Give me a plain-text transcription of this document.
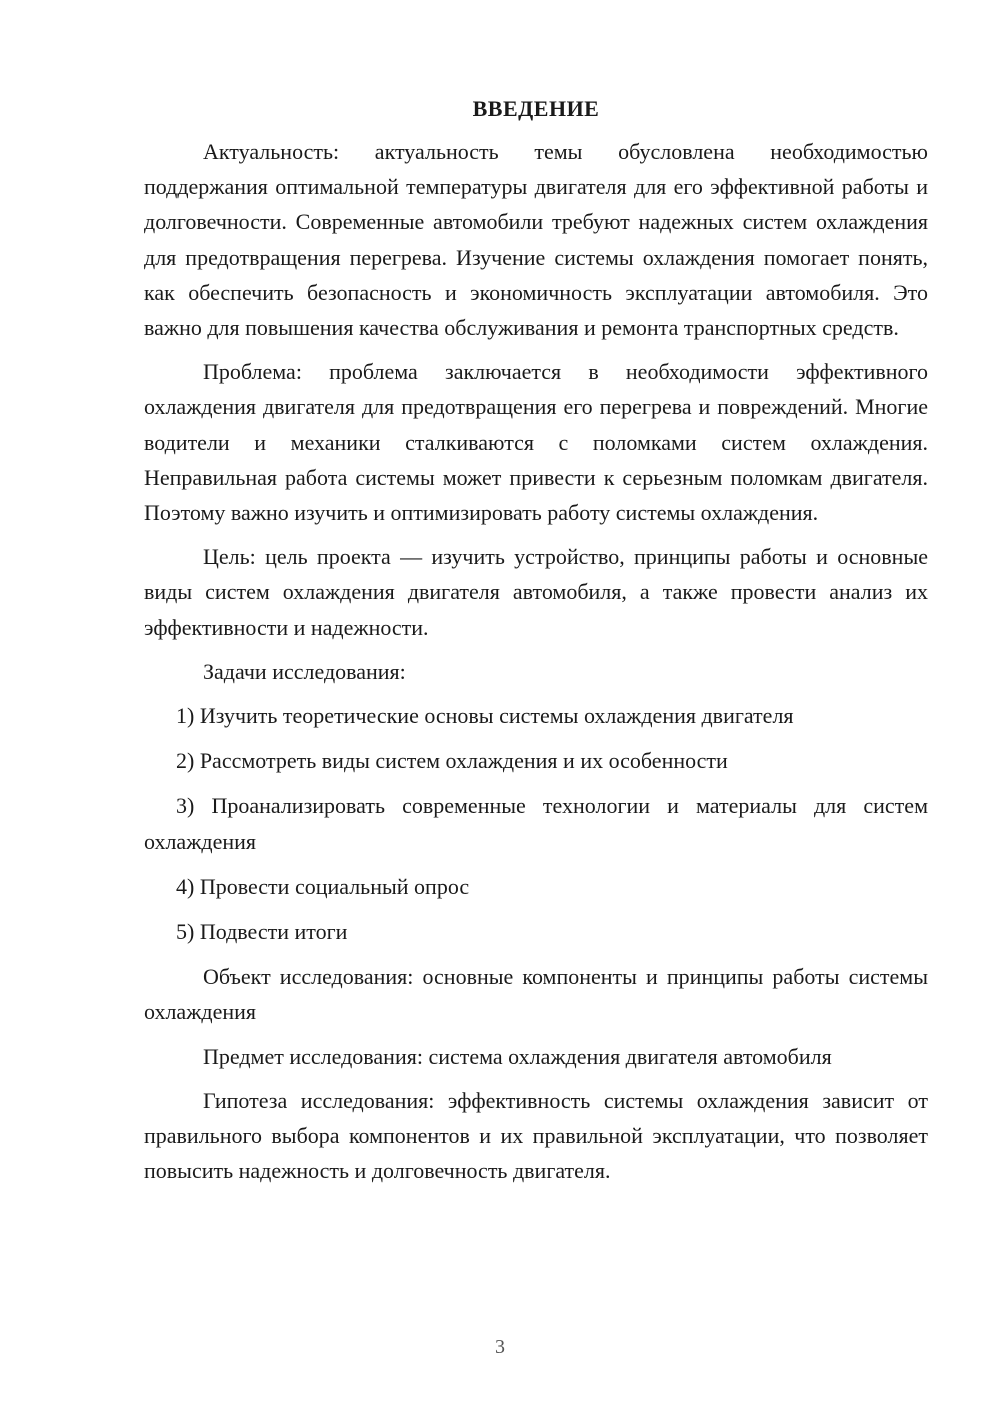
ВВЕДЕНИЕ

Актуальность: актуальность темы обусловлена необходимостью поддержания оптимальной температуры двигателя для его эффективной работы и долговечности. Современные автомобили требуют надежных систем охлаждения для предотвращения перегрева. Изучение системы охлаждения помогает понять, как обеспечить безопасность и экономичность эксплуатации автомобиля. Это важно для повышения качества обслуживания и ремонта транспортных средств.

Проблема: проблема заключается в необходимости эффективного охлаждения двигателя для предотвращения его перегрева и повреждений. Многие водители и механики сталкиваются с поломками систем охлаждения. Неправильная работа системы может привести к серьезным поломкам двигателя. Поэтому важно изучить и оптимизировать работу системы охлаждения.

Цель: цель проекта — изучить устройство, принципы работы и основные виды систем охлаждения двигателя автомобиля, а также провести анализ их эффективности и надежности.

Задачи исследования:

1) Изучить теоретические основы системы охлаждения двигателя

2) Рассмотреть виды систем охлаждения и их особенности

3) Проанализировать современные технологии и материалы для систем охлаждения

4) Провести социальный опрос

5) Подвести итоги

Объект исследования: основные компоненты и принципы работы системы охлаждения

Предмет исследования: система охлаждения двигателя автомобиля

Гипотеза исследования: эффективность системы охлаждения зависит от правильного выбора компонентов и их правильной эксплуатации, что позволяет повысить надежность и долговечность двигателя.

3
